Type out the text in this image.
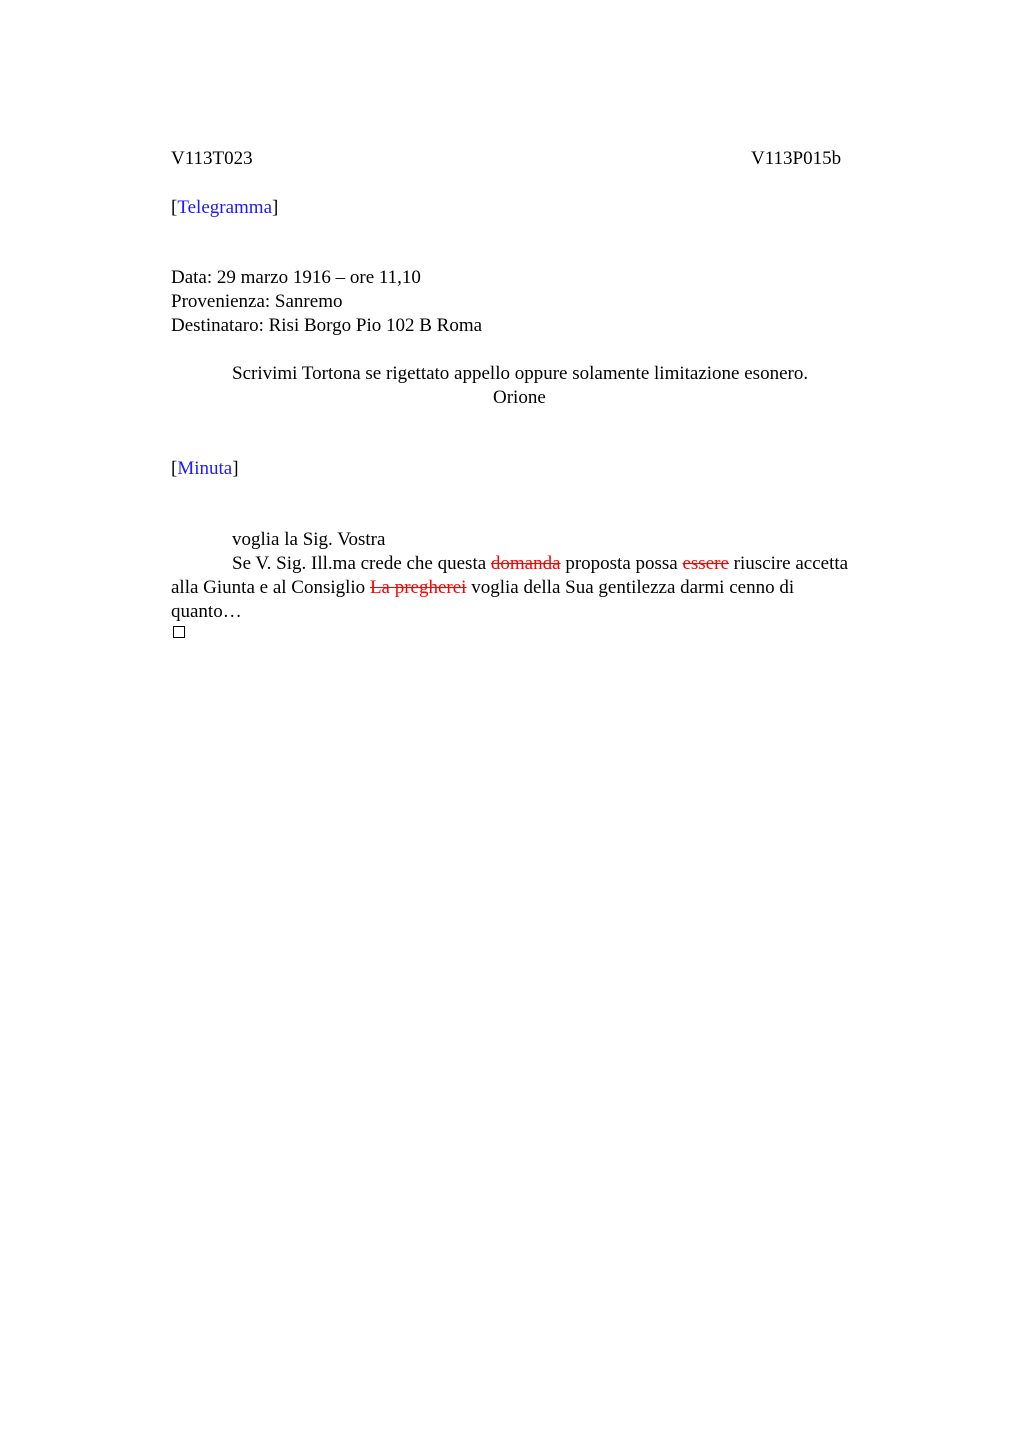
V113T023	V113P015b
[Telegramma]
Data: 29 marzo 1916 – ore 11,10
Provenienza: Sanremo
Destinataro: Risi Borgo Pio 102 B Roma
Scrivimi Tortona se rigettato appello oppure solamente limitazione esonero.
Orione
[Minuta]
voglia la Sig. Vostra
Se V. Sig. Ill.ma crede che questa domanda proposta possa essere riuscire accetta
alla Giunta e al Consiglio La pregherei voglia della Sua gentilezza darmi cenno di
quanto…
